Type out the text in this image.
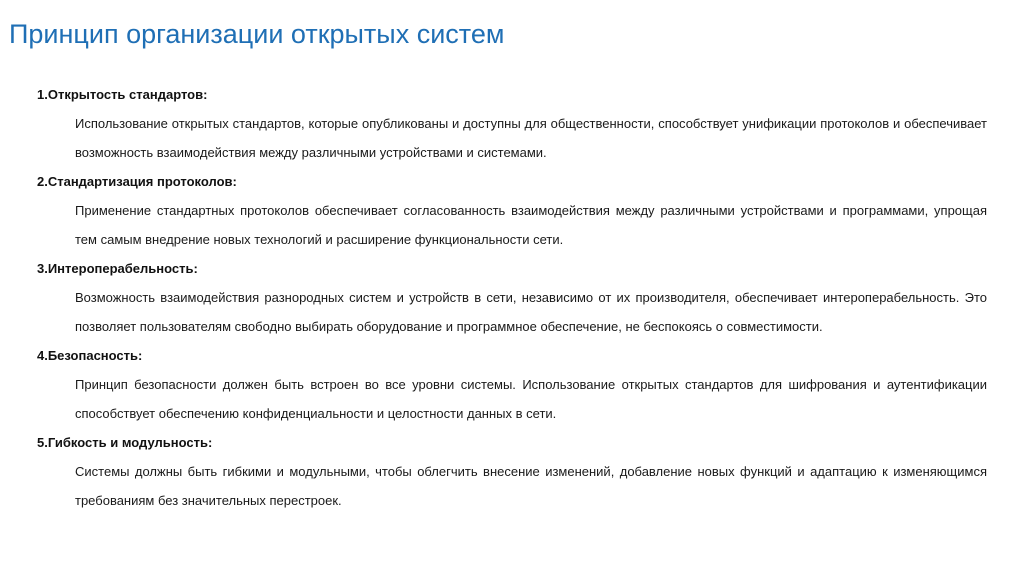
Принцип организации открытых систем

1.Открытость стандартов:

Использование открытых стандартов, которые опубликованы и доступны для общественности, способствует унификации протоколов и обеспечивает возможность взаимодействия между различными устройствами и системами.

2.Стандартизация протоколов:

Применение стандартных протоколов обеспечивает согласованность взаимодействия между различными устройствами и программами, упрощая тем самым внедрение новых технологий и расширение функциональности сети.

3.Интероперабельность:

Возможность взаимодействия разнородных систем и устройств в сети, независимо от их производителя, обеспечивает интероперабельность. Это позволяет пользователям свободно выбирать оборудование и программное обеспечение, не беспокоясь о совместимости.

4.Безопасность:

Принцип безопасности должен быть встроен во все уровни системы. Использование открытых стандартов для шифрования и аутентификации способствует обеспечению конфиденциальности и целостности данных в сети.

5.Гибкость и модульность:

Системы должны быть гибкими и модульными, чтобы облегчить внесение изменений, добавление новых функций и адаптацию к изменяющимся требованиям без значительных перестроек.
